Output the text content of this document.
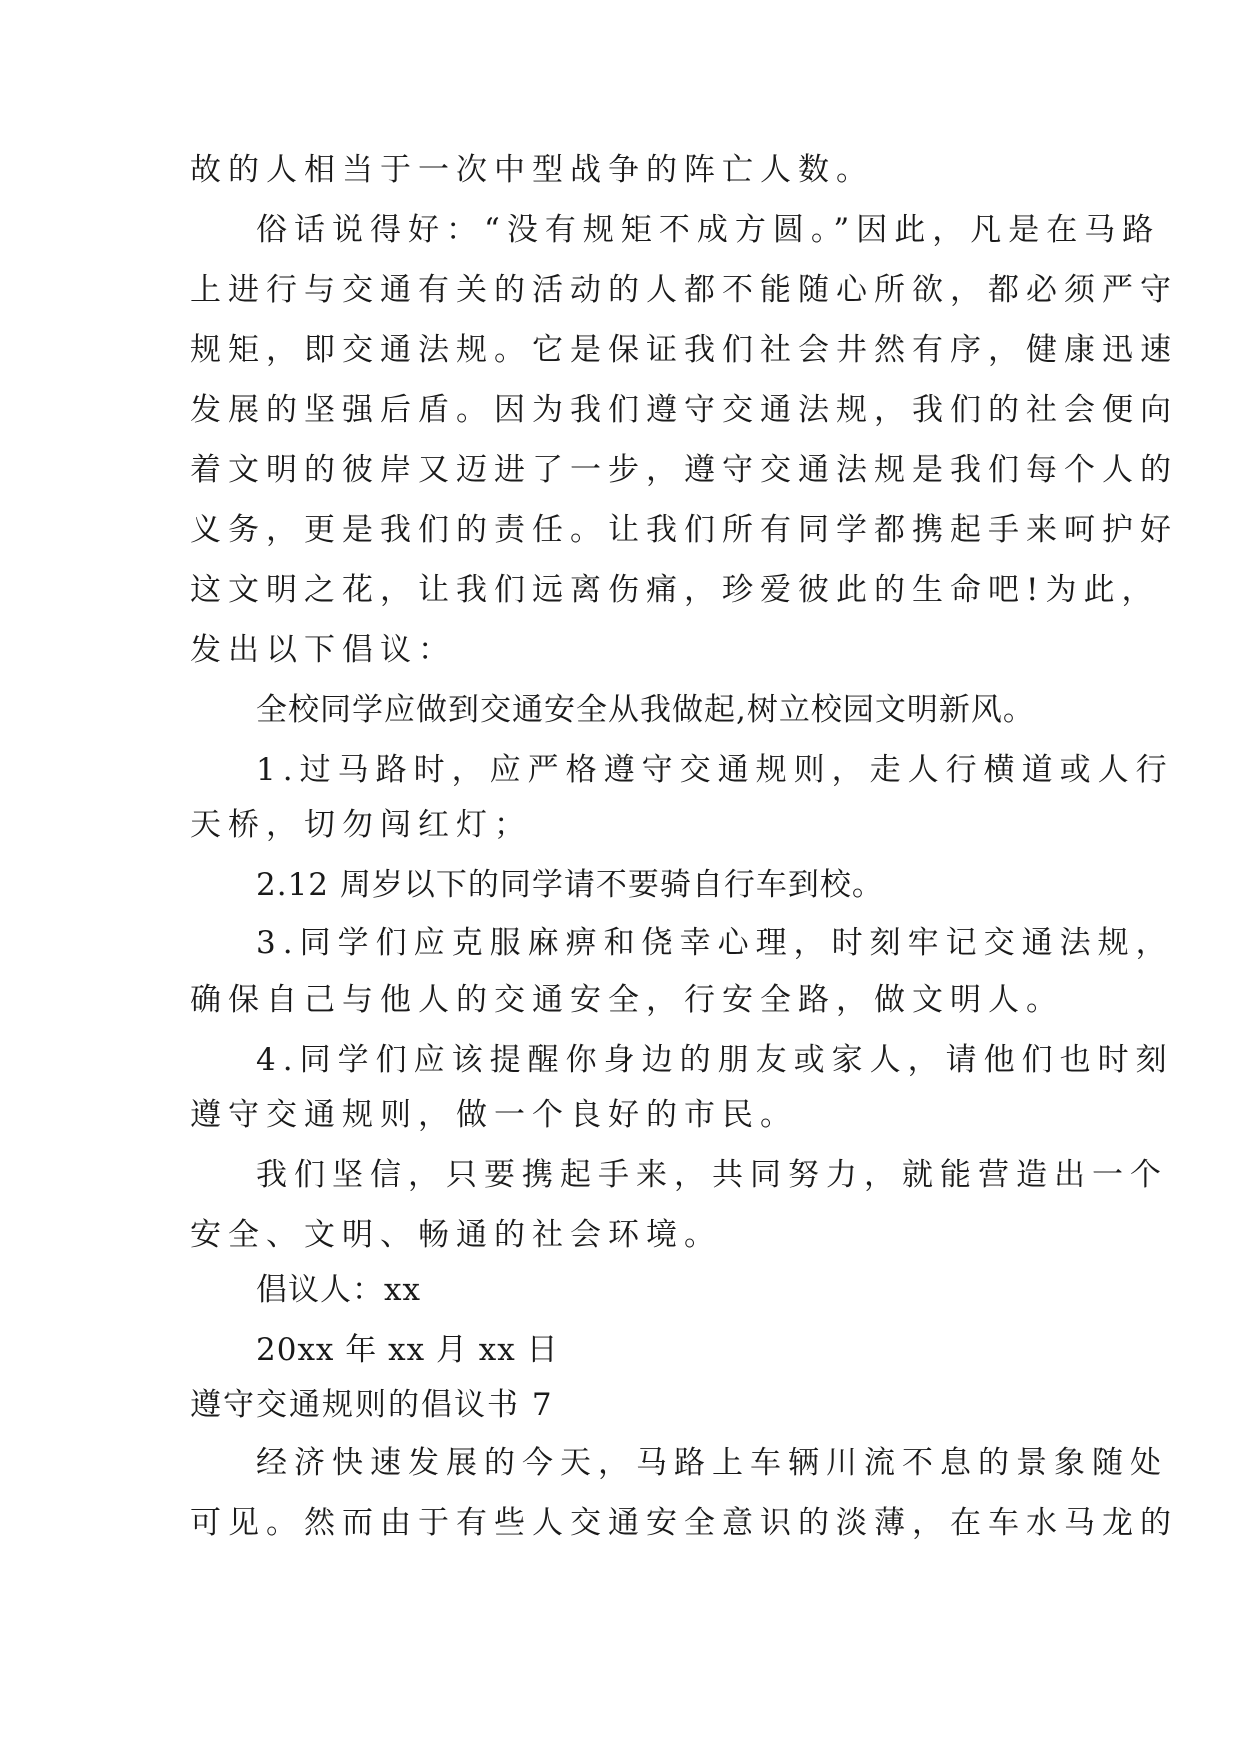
故的人相当于一次中型战争的阵亡人数。
俗话说得好：“没有规矩不成方圆。”因此，凡是在马路
上进行与交通有关的活动的人都不能随心所欲，都必须严守
规矩，即交通法规。它是保证我们社会井然有序，健康迅速
发展的坚强后盾。因为我们遵守交通法规，我们的社会便向
着文明的彼岸又迈进了一步，遵守交通法规是我们每个人的
义务，更是我们的责任。让我们所有同学都携起手来呵护好
这文明之花，让我们远离伤痛，珍爱彼此的生命吧!为此，
发出以下倡议：
全校同学应做到交通安全从我做起,树立校园文明新风。
1.过马路时，应严格遵守交通规则，走人行横道或人行
天桥，切勿闯红灯；
2.12 周岁以下的同学请不要骑自行车到校。
3.同学们应克服麻痹和侥幸心理，时刻牢记交通法规，
确保自己与他人的交通安全，行安全路，做文明人。
4.同学们应该提醒你身边的朋友或家人，请他们也时刻
遵守交通规则，做一个良好的市民。
我们坚信，只要携起手来，共同努力，就能营造出一个
安全、文明、畅通的社会环境。
倡议人：xx
20xx 年 xx 月 xx 日
遵守交通规则的倡议书 7
经济快速发展的今天，马路上车辆川流不息的景象随处
可见。然而由于有些人交通安全意识的淡薄，在车水马龙的
